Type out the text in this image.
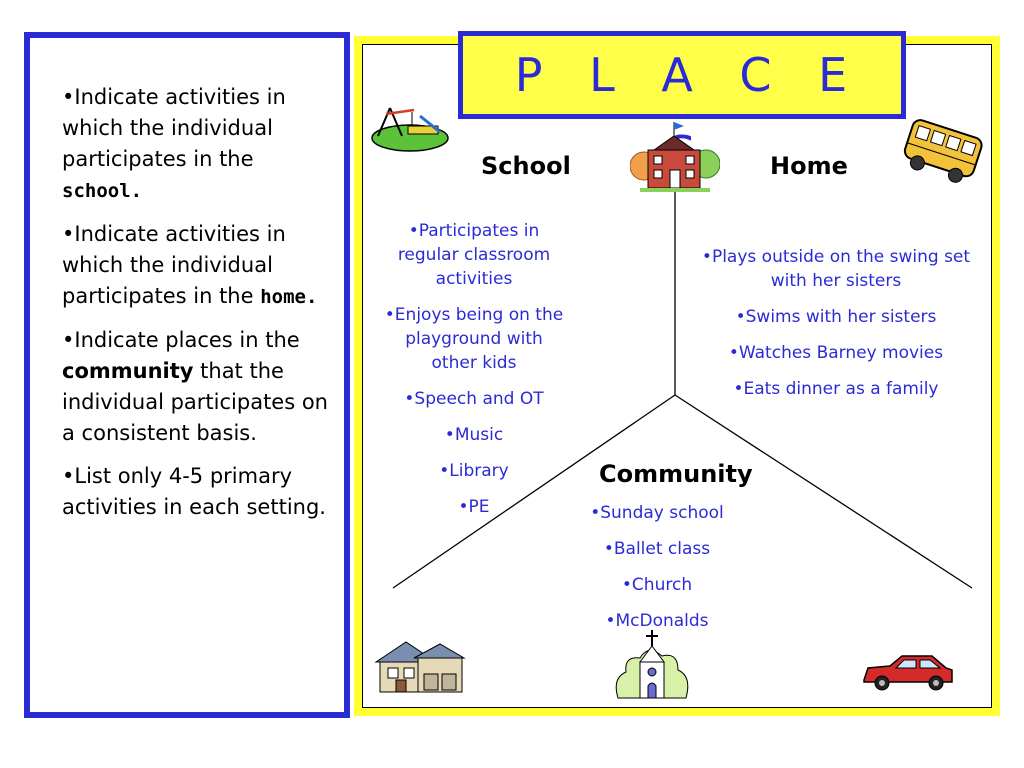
•Indicate activities in which the individual participates in the school.
•Indicate activities in which the individual participates in the home.
•Indicate places in the community that the individual participates on a consistent basis.
•List only 4-5 primary activities in each setting.
P L A C E
School	Home
Community
•Participates in regular classroom activities
•Enjoys being on the playground with other kids
•Speech and OT
•Music
•Library
•PE
•Plays outside on the swing set with her sisters
•Swims with her sisters
•Watches Barney movies
•Eats dinner as a family
•Sunday school
•Ballet class
•Church
•McDonalds
